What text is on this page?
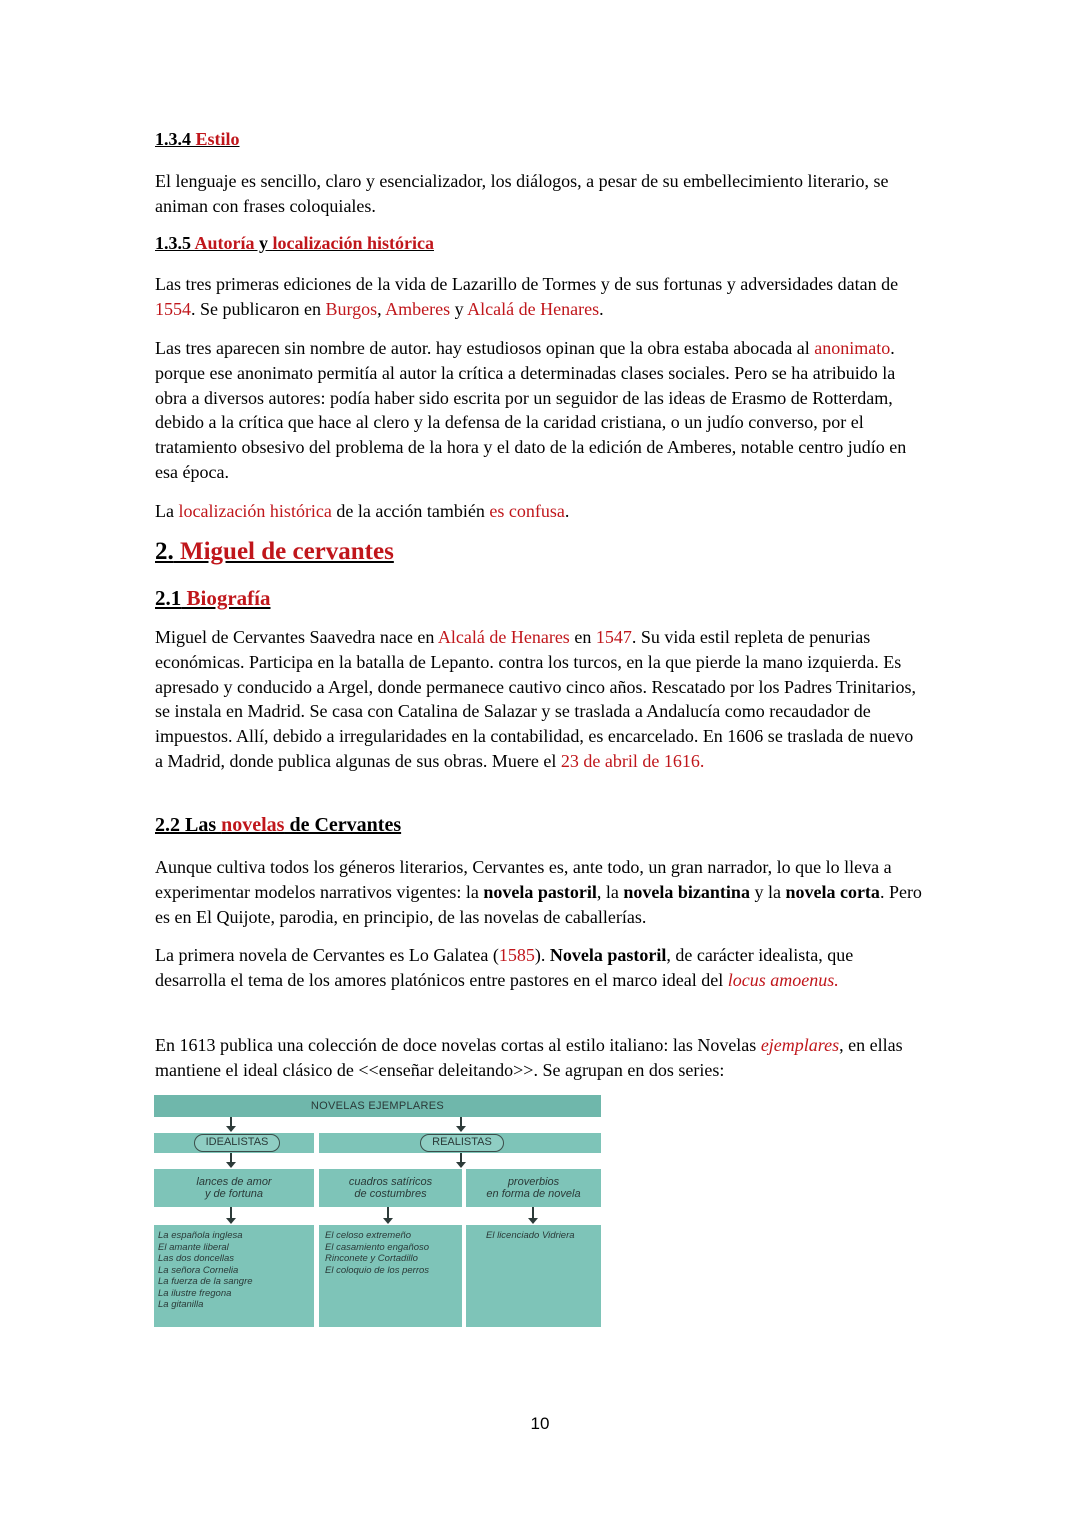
1.3.4 Estilo
El lenguaje es sencillo, claro y esencializador, los diálogos, a pesar de su embellecimiento literario, se animan con frases coloquiales.
1.3.5 Autoría y localización histórica
Las tres primeras ediciones de la vida de Lazarillo de Tormes y de sus fortunas y adversidades datan de 1554. Se publicaron en Burgos, Amberes y Alcalá de Henares.
Las tres aparecen sin nombre de autor. hay estudiosos opinan que la obra estaba abocada al anonimato. porque ese anonimato permitía al autor la crítica a determinadas clases sociales. Pero se ha atribuido la obra a diversos autores: podía haber sido escrita por un seguidor de las ideas de Erasmo de Rotterdam, debido a la crítica que hace al clero y la defensa de la caridad cristiana, o un judío converso, por el tratamiento obsesivo del problema de la hora y el dato de la edición de Amberes, notable centro judío en esa época.
La localización histórica de la acción también es confusa.
2. Miguel de cervantes
2.1 Biografía
Miguel de Cervantes Saavedra nace en Alcalá de Henares en 1547. Su vida estil repleta de penurias económicas. Participa en la batalla de Lepanto. contra los turcos, en la que pierde la mano izquierda. Es apresado y conducido a Argel, donde permanece cautivo cinco años. Rescatado por los Padres Trinitarios, se instala en Madrid. Se casa con Catalina de Salazar y se traslada a Andalucía como recaudador de impuestos. Allí, debido a irregularidades en la contabilidad, es encarcelado. En 1606 se traslada de nuevo a Madrid, donde publica algunas de sus obras. Muere el 23 de abril de 1616.
2.2 Las novelas de Cervantes
Aunque cultiva todos los géneros literarios, Cervantes es, ante todo, un gran narrador, lo que lo lleva a experimentar modelos narrativos vigentes: la novela pastoril, la novela bizantina y la novela corta. Pero es en El Quijote, parodia, en principio, de las novelas de caballerías.
La primera novela de Cervantes es Lo Galatea (1585). Novela pastoril, de carácter idealista, que desarrolla el tema de los amores platónicos entre pastores en el marco ideal del locus amoenus.
En 1613 publica una colección de doce novelas cortas al estilo italiano: las Novelas ejemplares, en ellas mantiene el ideal clásico de <<enseñar deleitando>>. Se agrupan en dos series:
NOVELAS EJEMPLARES
IDEALISTAS	REALISTAS
lances de amor
y de fortuna
cuadros satíricos
de costumbres
proverbios
en forma de novela
La española inglesa
El amante liberal
Las dos doncellas
La señora Cornelia
La fuerza de la sangre
La ilustre fregona
La gitanilla
El celoso extremeño
El casamiento engañoso
Rinconete y Cortadillo
El coloquio de los perros
El licenciado Vidriera
10
